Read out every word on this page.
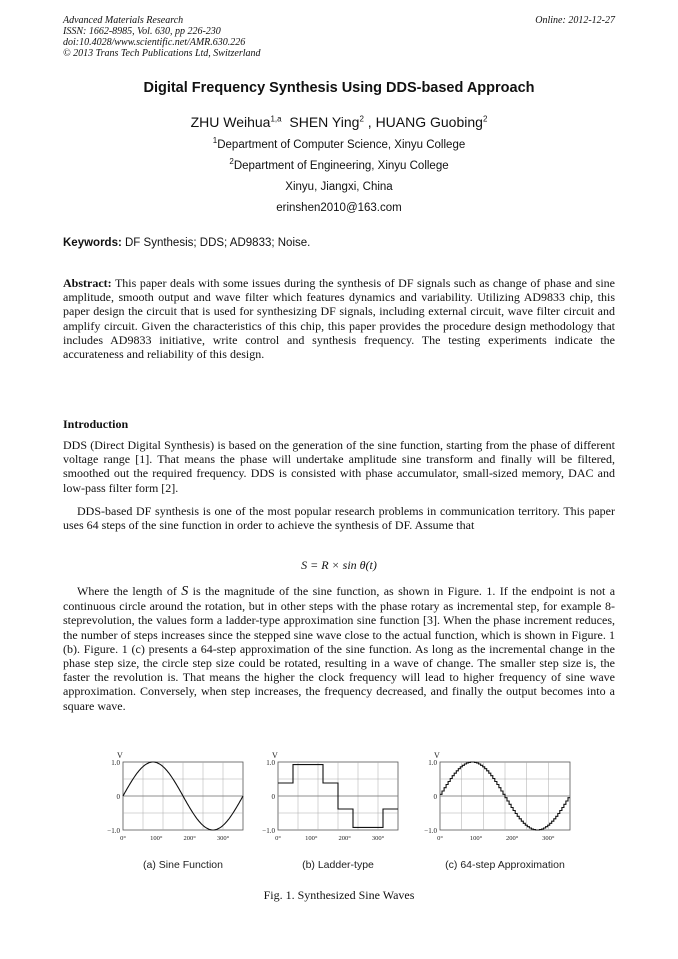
Advanced Materials Research
ISSN: 1662-8985, Vol. 630, pp 226-230
doi:10.4028/www.scientific.net/AMR.630.226
© 2013 Trans Tech Publications Ltd, Switzerland
Online: 2012-12-27
Digital Frequency Synthesis Using DDS-based Approach
ZHU Weihua$^{1,a}$ SHEN Ying$^2$ , HUANG Guobing$^2$
$^1$Department of Computer Science, Xinyu College
$^2$Department of Engineering, Xinyu College
Xinyu, Jiangxi, China
erinshen2010@163.com
Keywords: DF Synthesis; DDS; AD9833; Noise.
Abstract: This paper deals with some issues during the synthesis of DF signals such as change of phase and sine amplitude, smooth output and wave filter which features dynamics and variability. Utilizing AD9833 chip, this paper design the circuit that is used for synthesizing DF signals, including external circuit, wave filter circuit and amplify circuit. Given the characteristics of this chip, this paper provides the procedure design methodology that includes AD9833 initiative, write control and synthesis frequency. The testing experiments indicate the accurateness and reliability of this design.
Introduction
DDS (Direct Digital Synthesis) is based on the generation of the sine function, starting from the phase of different voltage range [1]. That means the phase will undertake amplitude sine transform and finally will be filtered, smoothed out the required frequency. DDS is consisted with phase accumulator, small-sized memory, DAC and low-pass filter form [2].
DDS-based DF synthesis is one of the most popular research problems in communication territory. This paper uses 64 steps of the sine function in order to achieve the synthesis of DF. Assume that
S = R × sin θ(t)
Where the length of S is the magnitude of the sine function, as shown in Figure. 1. If the endpoint is not a continuous circle around the rotation, but in other steps with the phase rotary as incremental step, for example 8-steprevolution, the values form a ladder-type approximation sine function [3]. When the phase increment reduces, the number of steps increases since the stepped sine wave close to the actual function, which is shown in Figure. 1 (b). Figure. 1 (c) presents a 64-step approximation of the sine function. As long as the incremental change in the phase step size, the circle step size could be rotated, resulting in a wave of change. The smaller step size is, the faster the revolution is. That means the higher the clock frequency will lead to higher frequency of sine wave approximation. Conversely, when step increases, the frequency decreased, and finally the output becomes into a square wave.
V
1.0
0
−1.0
0°	100°	200°	300°
(a) Sine Function
V
1.0
0
−1.0
0°	100°	200°	300°
(b) Ladder-type
V
1.0
0
−1.0
0°	100°	200°	300°
(c) 64-step Approximation
Fig. 1. Synthesized Sine Waves
